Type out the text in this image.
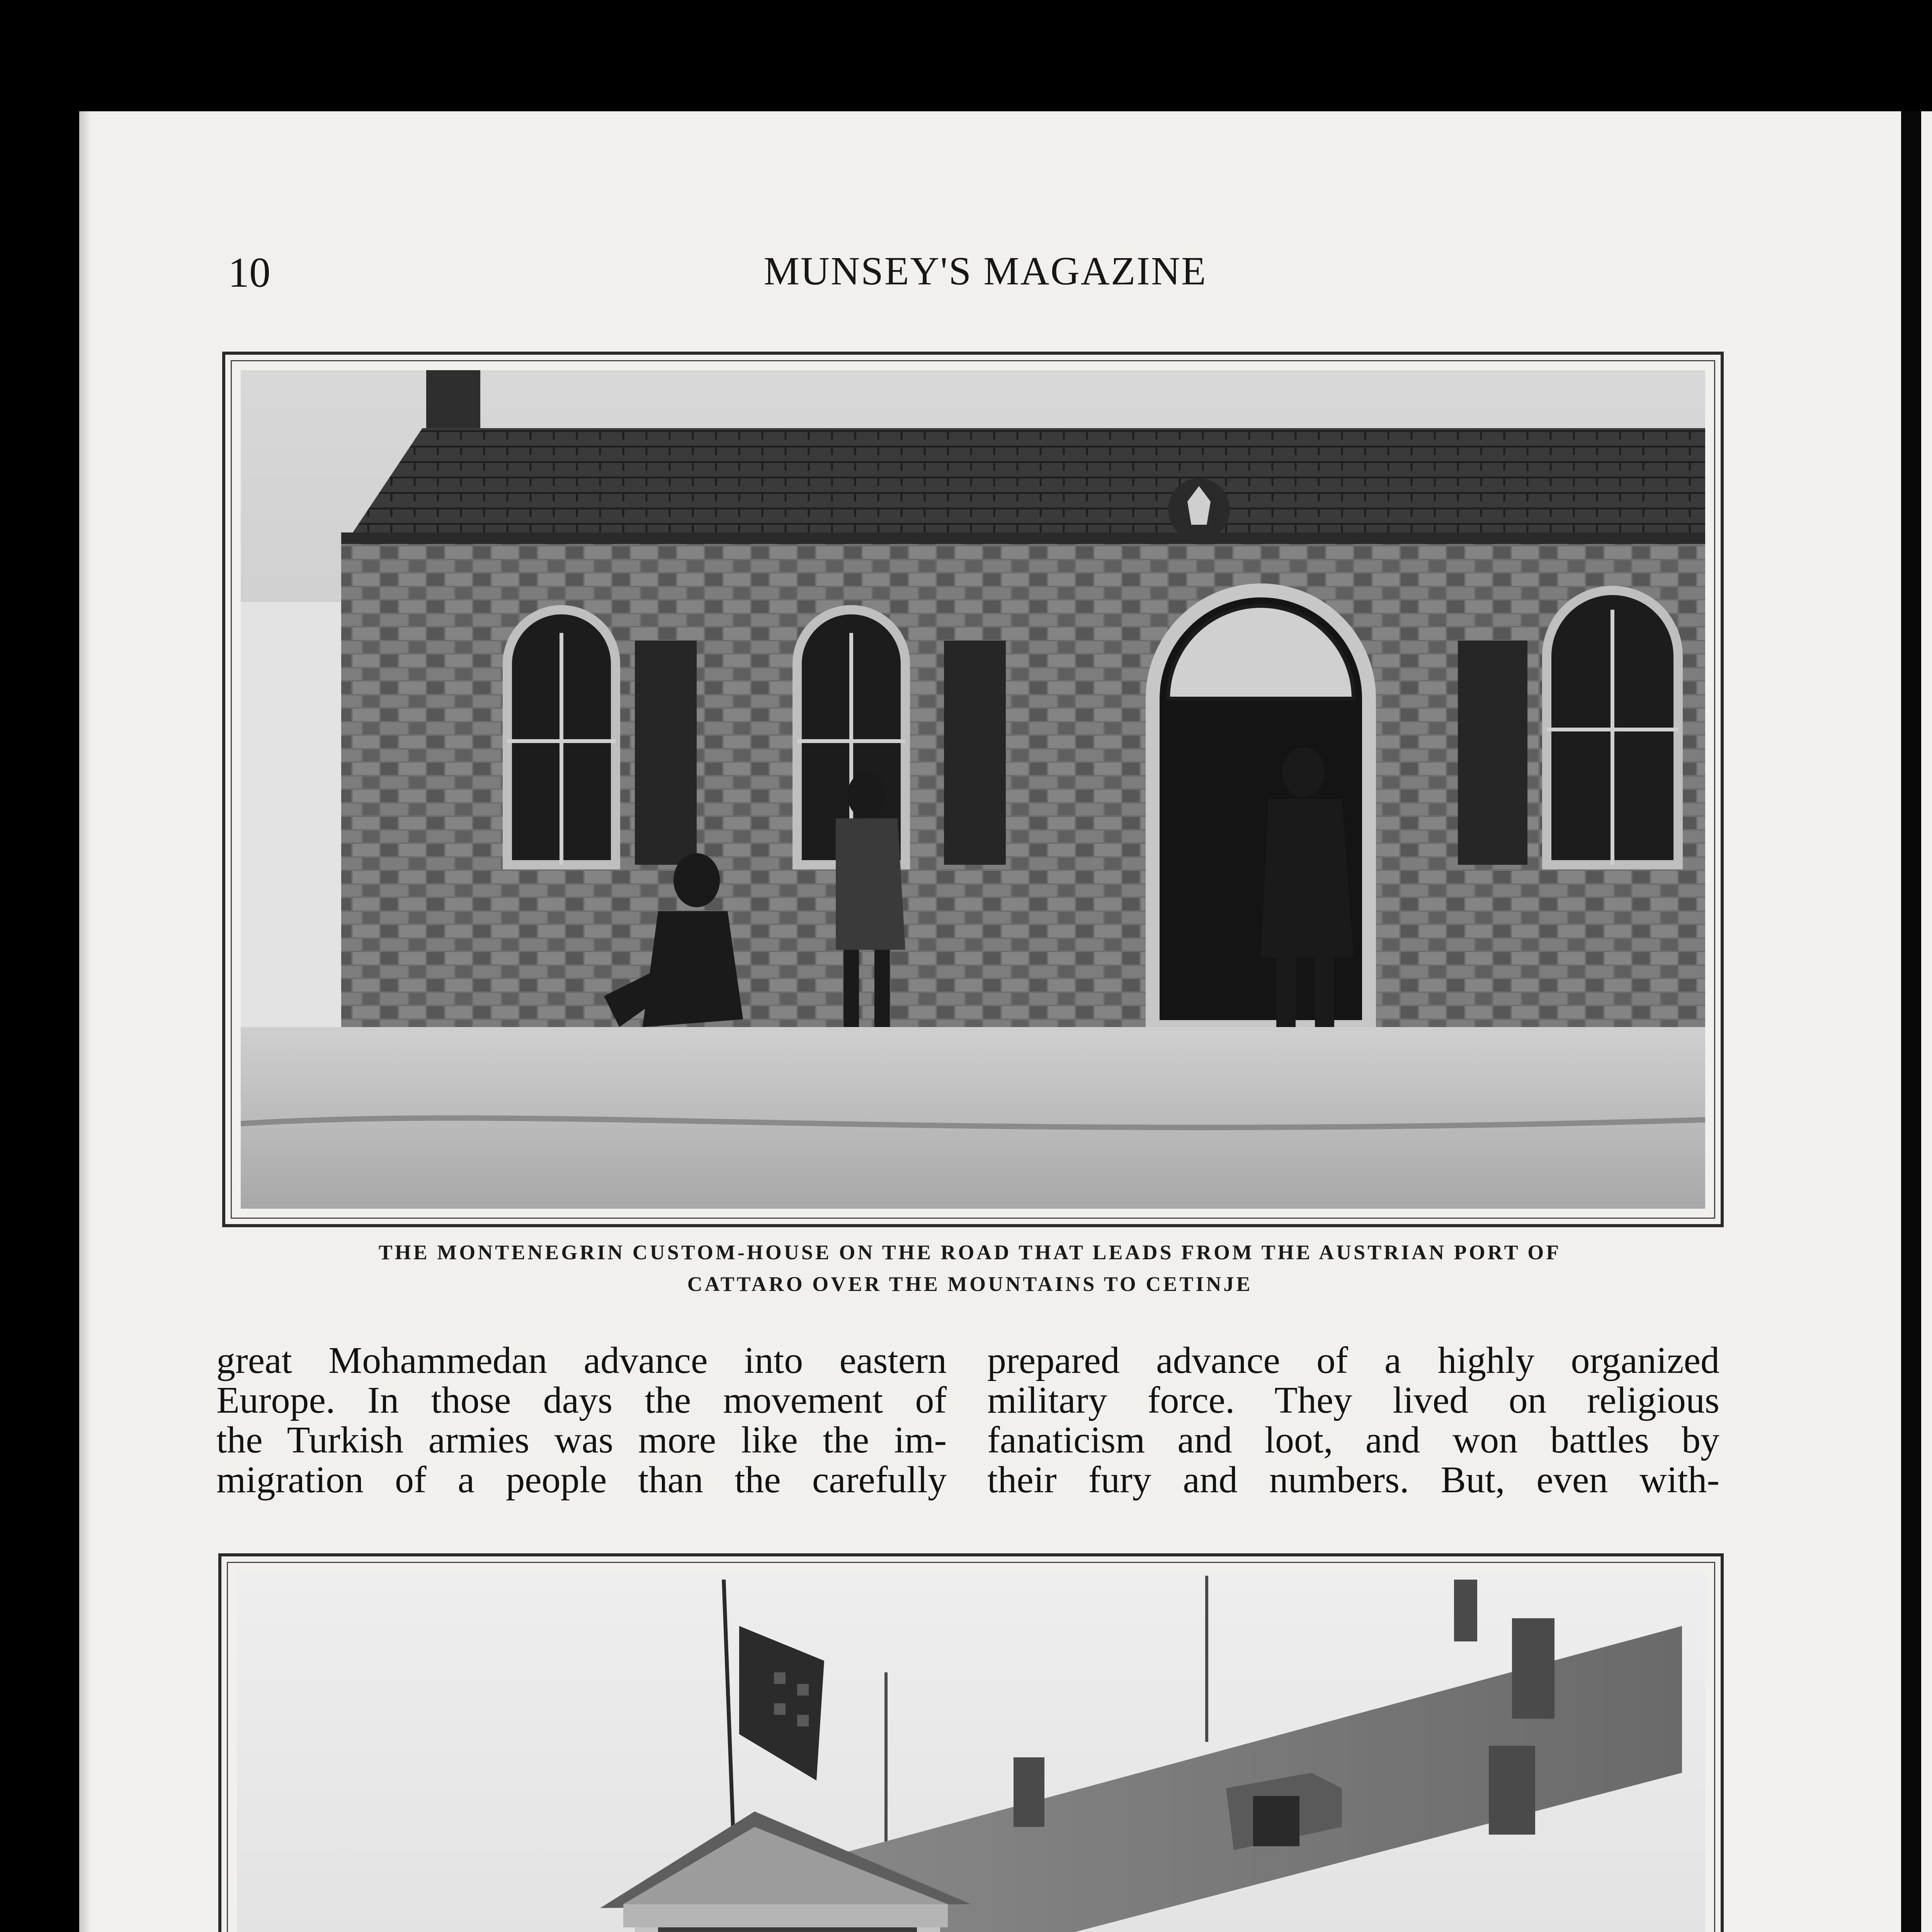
10	MUNSEY'S MAGAZINE
THE MONTENEGRIN CUSTOM-HOUSE ON THE ROAD THAT LEADS FROM THE AUSTRIAN PORT OF
CATTARO OVER THE MOUNTAINS TO CETINJE
great Mohammedan advance into eastern
Europe. In those days the movement of
the Turkish armies was more like the im-
migration of a people than the carefully
prepared advance of a highly organized
military force. They lived on religious
fanaticism and loot, and won battles by
their fury and numbers. But, even with-
